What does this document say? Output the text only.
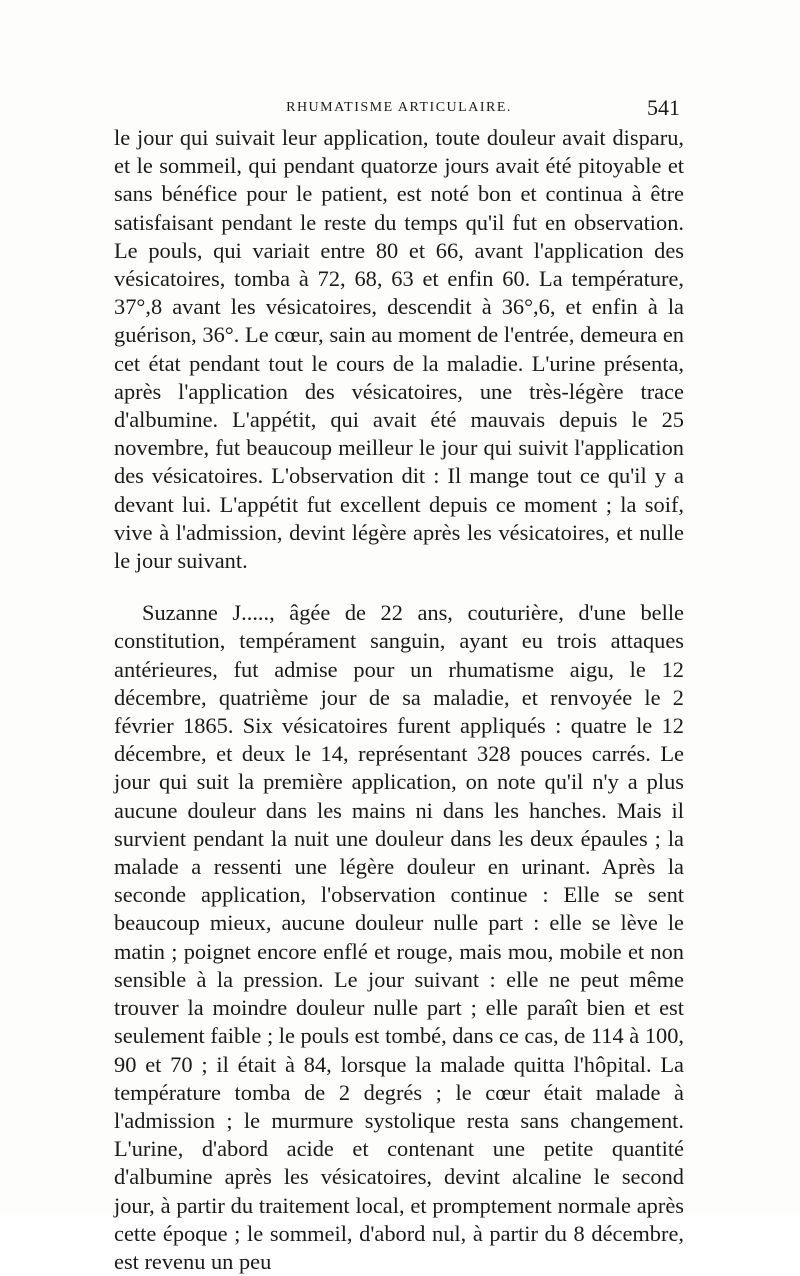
RHUMATISME ARTICULAIRE.	541

le jour qui suivait leur application, toute douleur avait disparu, et le sommeil, qui pendant quatorze jours avait été pitoyable et sans bénéfice pour le patient, est noté bon et continua à être satisfaisant pendant le reste du temps qu'il fut en observation. Le pouls, qui variait entre 80 et 66, avant l'application des vésicatoires, tomba à 72, 68, 63 et enfin 60. La température, 37°,8 avant les vésicatoires, descendit à 36°,6, et enfin à la guérison, 36°. Le cœur, sain au moment de l'entrée, demeura en cet état pendant tout le cours de la maladie. L'urine présenta, après l'application des vésicatoires, une très-légère trace d'albumine. L'appétit, qui avait été mauvais depuis le 25 novembre, fut beaucoup meilleur le jour qui suivit l'application des vésicatoires. L'observation dit : Il mange tout ce qu'il y a devant lui. L'appétit fut excellent depuis ce moment ; la soif, vive à l'admission, devint légère après les vésicatoires, et nulle le jour suivant.

Suzanne J....., âgée de 22 ans, couturière, d'une belle constitution, tempérament sanguin, ayant eu trois attaques antérieures, fut admise pour un rhumatisme aigu, le 12 décembre, quatrième jour de sa maladie, et renvoyée le 2 février 1865. Six vésicatoires furent appliqués : quatre le 12 décembre, et deux le 14, représentant 328 pouces carrés. Le jour qui suit la première application, on note qu'il n'y a plus aucune douleur dans les mains ni dans les hanches. Mais il survient pendant la nuit une douleur dans les deux épaules ; la malade a ressenti une légère douleur en urinant. Après la seconde application, l'observation continue : Elle se sent beaucoup mieux, aucune douleur nulle part : elle se lève le matin ; poignet encore enflé et rouge, mais mou, mobile et non sensible à la pression. Le jour suivant : elle ne peut même trouver la moindre douleur nulle part ; elle paraît bien et est seulement faible ; le pouls est tombé, dans ce cas, de 114 à 100, 90 et 70 ; il était à 84, lorsque la malade quitta l'hôpital. La température tomba de 2 degrés ; le cœur était malade à l'admission ; le murmure systolique resta sans changement. L'urine, d'abord acide et contenant une petite quantité d'albumine après les vésicatoires, devint alcaline le second jour, à partir du traitement local, et promptement normale après cette époque ; le sommeil, d'abord nul, à partir du 8 décembre, est revenu un peu
